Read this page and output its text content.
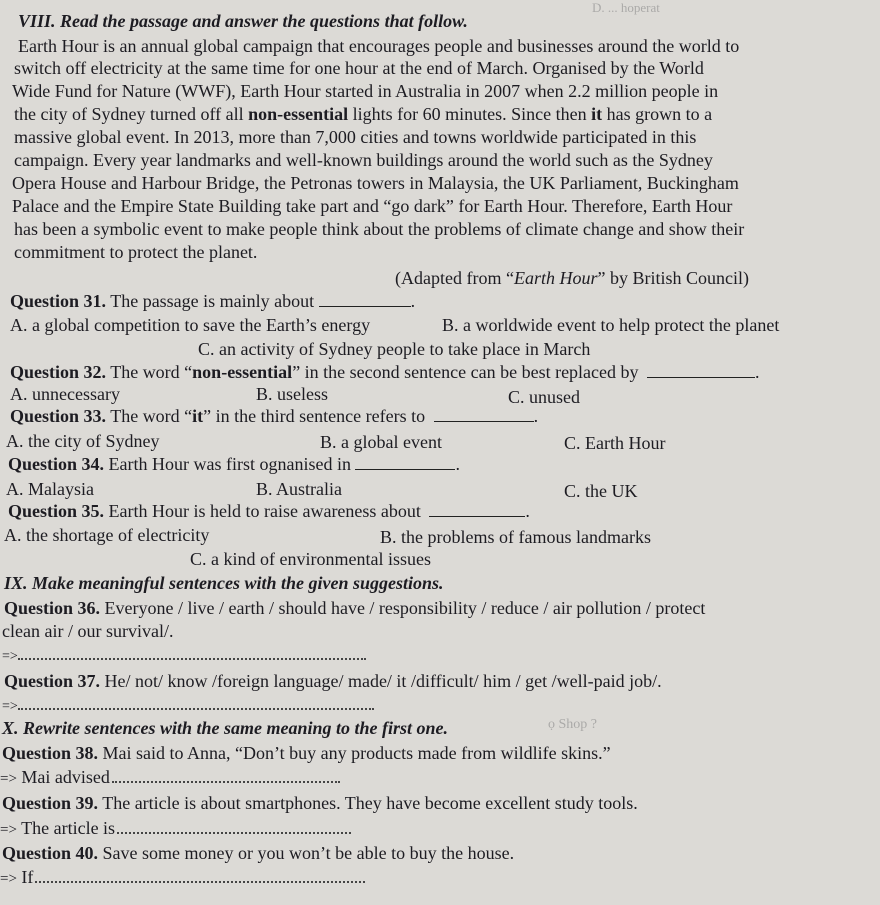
VIII. Read the passage and answer the questions that follow.
D. ... hoperat
Earth Hour is an annual global campaign that encourages people and businesses around the world to
switch off electricity at the same time for one hour at the end of March. Organised by the World
Wide Fund for Nature (WWF), Earth Hour started in Australia in 2007 when 2.2 million people in
the city of Sydney turned off all non-essential lights for 60 minutes. Since then it has grown to a
massive global event. In 2013, more than 7,000 cities and towns worldwide participated in this
campaign. Every year landmarks and well-known buildings around the world such as the Sydney
Opera House and Harbour Bridge, the Petronas towers in Malaysia, the UK Parliament, Buckingham
Palace and the Empire State Building take part and “go dark” for Earth Hour. Therefore, Earth Hour
has been a symbolic event to make people think about the problems of climate change and show their
commitment to protect the planet.
(Adapted from “Earth Hour” by British Council)
Question 31. The passage is mainly about	.
A. a global competition to save the Earth’s energy	B. a worldwide event to help protect the planet
C. an activity of Sydney people to take place in March
Question 32. The word “non-essential” in the second sentence can be best replaced by	.
A. unnecessary	B. useless	C. unused
Question 33. The word “it” in the third sentence refers to	.
A. the city of Sydney	B. a global event	C. Earth Hour
Question 34. Earth Hour was first ognanised in	.
A. Malaysia	B. Australia	C. the UK
Question 35. Earth Hour is held to raise awareness about	.
A. the shortage of electricity	B. the problems of famous landmarks
C. a kind of environmental issues
IX. Make meaningful sentences with the given suggestions.
Question 36. Everyone / live / earth / should have / responsibility / reduce / air pollution / protect
clean air / our survival/.
=>
Question 37. He/ not/ know /foreign language/ made/ it /difficult/ him / get /well-paid job/.
=>
X. Rewrite sentences with the same meaning to the first one.	ọ Shop ?
Question 38. Mai said to Anna, “Don’t buy any products made from wildlife skins.”
=> Mai advised
Question 39. The article is about smartphones. They have become excellent study tools.
=> The article is
Question 40. Save some money or you won’t be able to buy the house.
=> If
